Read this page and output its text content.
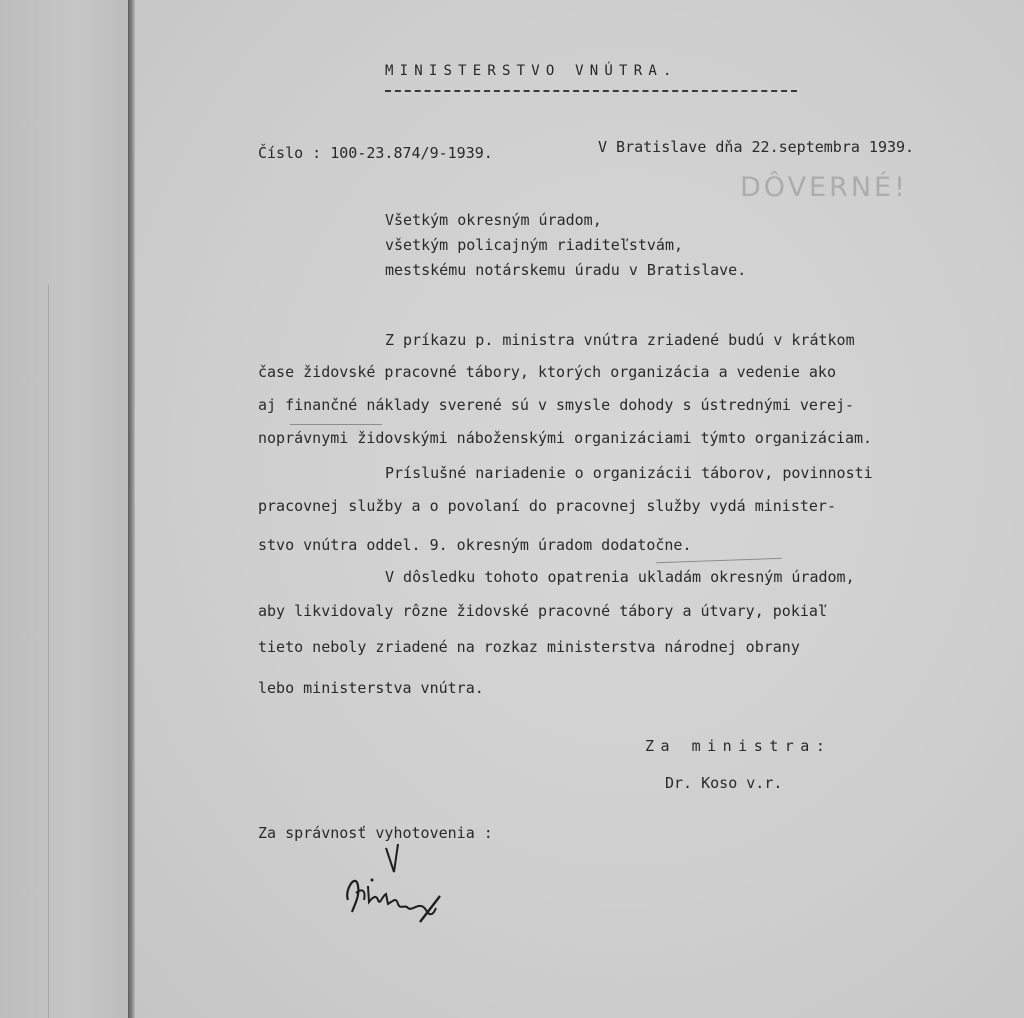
MINISTERSTVO VNÚTRA.
Číslo : 100-23.874/9-1939.	V Bratislave dňa 22.septembra 1939.
DÔVERNÉ!
Všetkým okresným úradom,
všetkým policajným riaditeľstvám,
mestskému notárskemu úradu v Bratislave.
Z príkazu p. ministra vnútra zriadené budú v krátkom
čase židovské pracovné tábory, ktorých organizácia a vedenie ako
aj finančné náklady sverené sú v smysle dohody s ústrednými verej-
noprávnymi židovskými náboženskými organizáciami týmto organizáciam.
Príslušné nariadenie o organizácii táborov, povinnosti
pracovnej služby a o povolaní do pracovnej služby vydá minister-
stvo vnútra oddel. 9. okresným úradom dodatočne.
V dôsledku tohoto opatrenia ukladám okresným úradom,
aby likvidovaly rôzne židovské pracovné tábory a útvary, pokiaľ
tieto neboly zriadené na rozkaz ministerstva národnej obrany
lebo ministerstva vnútra.
Za ministra:
Dr. Koso v.r.
Za správnosť vyhotovenia :
